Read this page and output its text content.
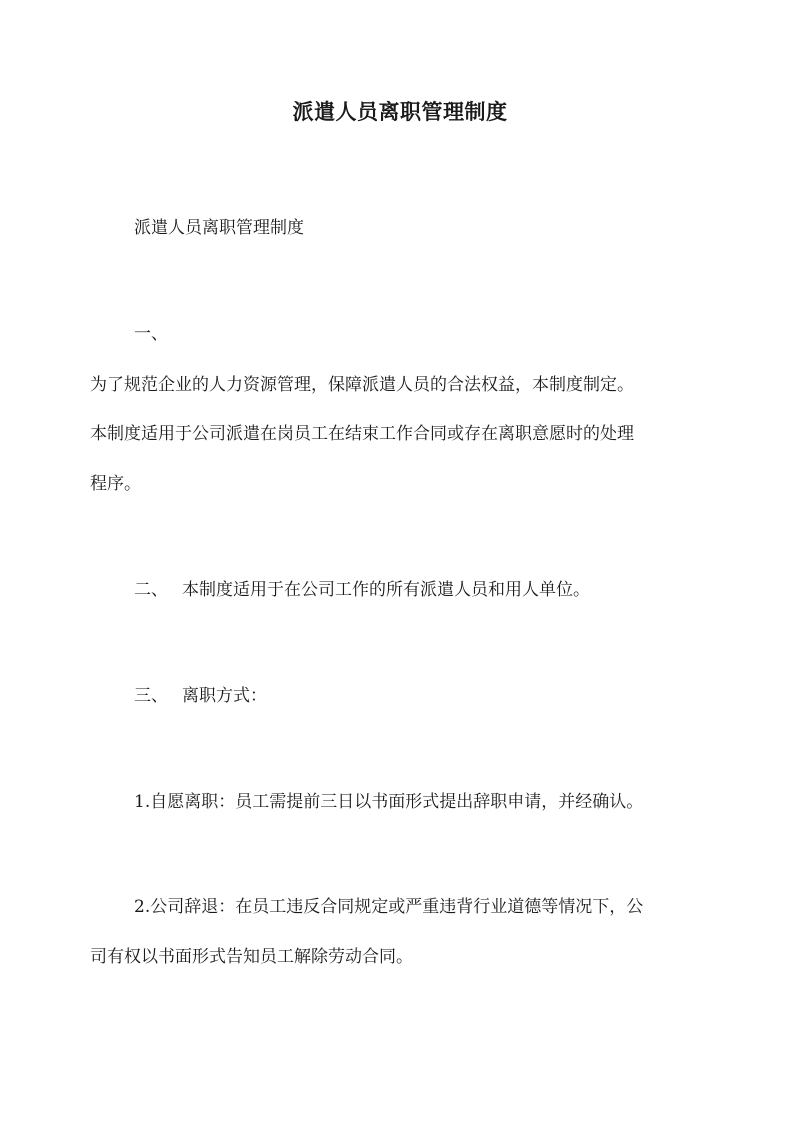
派遣人员离职管理制度
派遣人员离职管理制度
一、
为了规范企业的人力资源管理，保障派遣人员的合法权益，本制度制定。
本制度适用于公司派遣在岗员工在结束工作合同或存在离职意愿时的处理
程序。
二、 本制度适用于在公司工作的所有派遣人员和用人单位。
三、 离职方式：
1.自愿离职：员工需提前三日以书面形式提出辞职申请，并经确认。
2.公司辞退：在员工违反合同规定或严重违背行业道德等情况下，公
司有权以书面形式告知员工解除劳动合同。
